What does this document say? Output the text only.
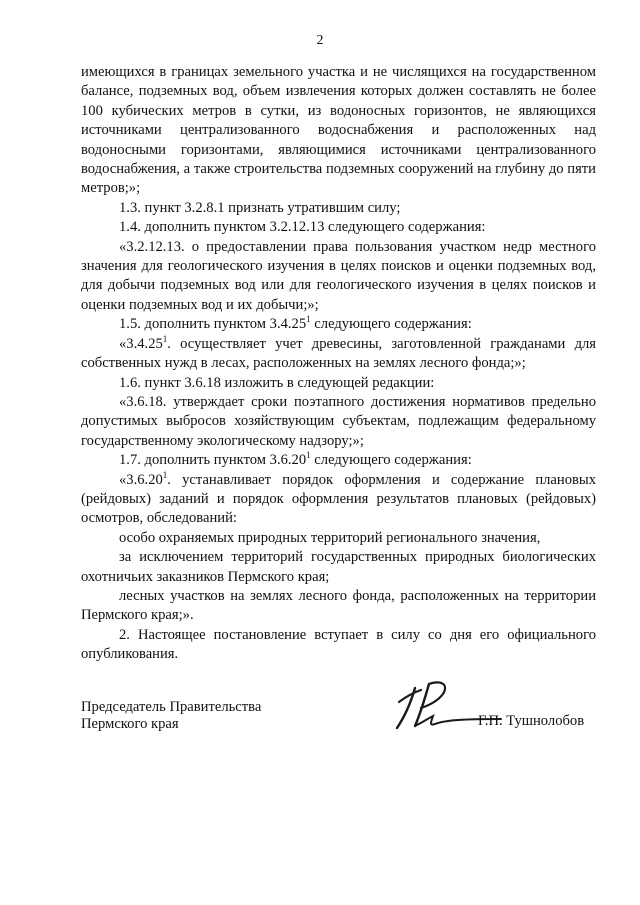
2

имеющихся в границах земельного участка и не числящихся на государственном балансе, подземных вод, объем извлечения которых должен составлять не более 100 кубических метров в сутки, из водоносных горизонтов, не являющихся источниками централизованного водоснабжения и расположенных над водоносными горизонтами, являющимися источниками централизованного водоснабжения, а также строительства подземных сооружений на глубину до пяти метров;»;

1.3. пункт 3.2.8.1 признать утратившим силу;

1.4. дополнить пунктом 3.2.12.13 следующего содержания:

«3.2.12.13. о предоставлении права пользования участком недр местного значения для геологического изучения в целях поисков и оценки подземных вод, для добычи подземных вод или для геологического изучения в целях поисков и оценки подземных вод и их добычи;»;

1.5. дополнить пунктом 3.4.25$^1$ следующего содержания:

«3.4.25$^1$. осуществляет учет древесины, заготовленной гражданами для собственных нужд в лесах, расположенных на землях лесного фонда;»;

1.6. пункт 3.6.18 изложить в следующей редакции:

«3.6.18. утверждает сроки поэтапного достижения нормативов предельно допустимых выбросов хозяйствующим субъектам, подлежащим федеральному государственному экологическому надзору;»;

1.7. дополнить пунктом 3.6.20$^1$ следующего содержания:

«3.6.20$^1$. устанавливает порядок оформления и содержание плановых (рейдовых) заданий и порядок оформления результатов плановых (рейдовых) осмотров, обследований:

особо охраняемых природных территорий регионального значения,

за исключением территорий государственных природных биологических охотничьих заказников Пермского края;

лесных участков на землях лесного фонда, расположенных на территории Пермского края;».

2. Настоящее постановление вступает в силу со дня его официального опубликования.

Председатель Правительства
Пермского края	Г.П. Тушнолобов
